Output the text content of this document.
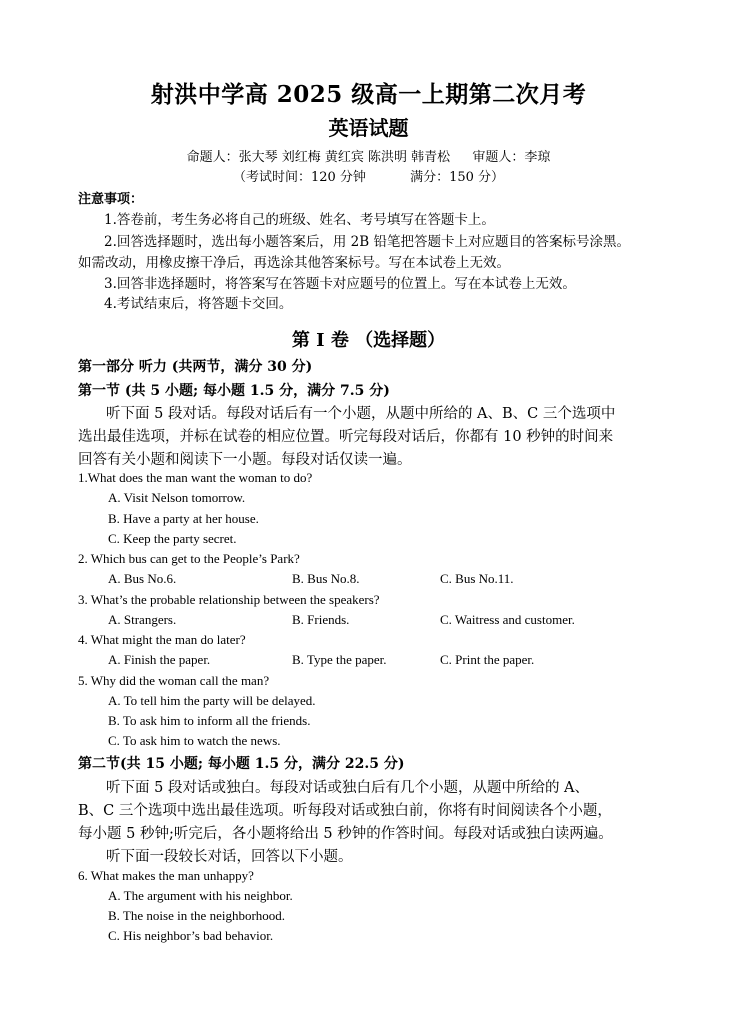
射洪中学高 2025 级高一上期第二次月考
英语试题
命题人：张大琴 刘红梅 黄红宾 陈洪明 韩青松 审题人：李琼
（考试时间：120 分钟	满分：150 分）
注意事项：
1.答卷前，考生务必将自己的班级、姓名、考号填写在答题卡上。
2.回答选择题时，选出每小题答案后，用 2B 铅笔把答题卡上对应题目的答案标号涂黑。
如需改动，用橡皮擦干净后，再选涂其他答案标号。写在本试卷上无效。
3.回答非选择题时，将答案写在答题卡对应题号的位置上。写在本试卷上无效。
4.考试结束后，将答题卡交回。
第 I 卷 （选择题）
第一部分 听力 (共两节，满分 30 分)
第一节 (共 5 小题; 每小题 1.5 分，满分 7.5 分)
听下面 5 段对话。每段对话后有一个小题，从题中所给的 A、B、C 三个选项中
选出最佳选项，并标在试卷的相应位置。听完每段对话后，你都有 10 秒钟的时间来
回答有关小题和阅读下一小题。每段对话仅读一遍。
1.What does the man want the woman to do?
A. Visit Nelson tomorrow.
B. Have a party at her house.
C. Keep the party secret.
2. Which bus can get to the People’s Park?
A. Bus No.6.	B. Bus No.8.	C. Bus No.11.
3. What’s the probable relationship between the speakers?
A. Strangers.	B. Friends.	C. Waitress and customer.
4. What might the man do later?
A. Finish the paper.	B. Type the paper.	C. Print the paper.
5. Why did the woman call the man?
A. To tell him the party will be delayed.
B. To ask him to inform all the friends.
C. To ask him to watch the news.
第二节(共 15 小题; 每小题 1.5 分，满分 22.5 分)
听下面 5 段对话或独白。每段对话或独白后有几个小题，从题中所给的 A、
B、C 三个选项中选出最佳选项。听每段对话或独白前，你将有时间阅读各个小题，
每小题 5 秒钟;听完后，各小题将给出 5 秒钟的作答时间。每段对话或独白读两遍。
听下面一段较长对话，回答以下小题。
6. What makes the man unhappy?
A. The argument with his neighbor.
B. The noise in the neighborhood.
C. His neighbor’s bad behavior.
